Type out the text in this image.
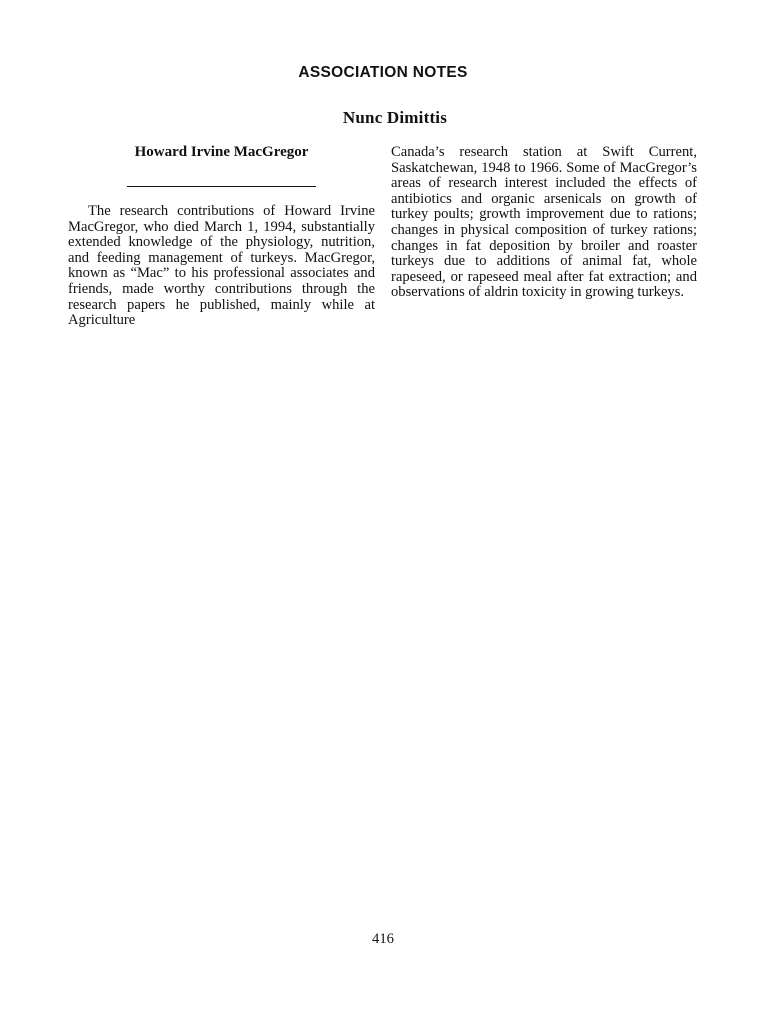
ASSOCIATION NOTES
Nunc Dimittis

Howard Irvine MacGregor

The research contributions of Howard Irvine MacGregor, who died March 1, 1994, substantially extended knowledge of the physiology, nutrition, and feeding management of turkeys. MacGregor, known as “Mac” to his professional associates and friends, made worthy contributions through the research papers he published, mainly while at Agriculture

Canada’s research station at Swift Current, Saskatchewan, 1948 to 1966. Some of MacGregor’s areas of research interest included the effects of antibiotics and organic arsenicals on growth of turkey poults; growth improvement due to rations; changes in physical composition of turkey rations; changes in fat deposition by broiler and roaster turkeys due to additions of animal fat, whole rapeseed, or rapeseed meal after fat extraction; and observations of aldrin toxicity in growing turkeys.

416
